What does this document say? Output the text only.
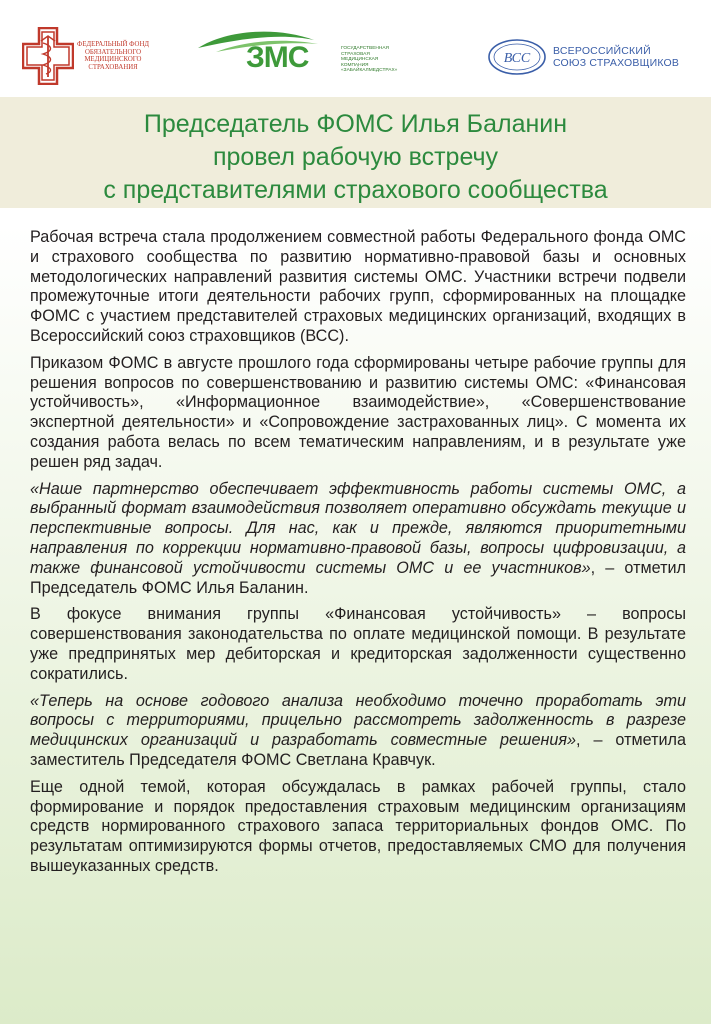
ФЕДЕРАЛЬНЫЙ ФОНД
ОБЯЗАТЕЛЬНОГО
МЕДИЦИНСКОГО
СТРАХОВАНИЯ	ЗМС	ГОСУДАРСТВЕННАЯ
СТРАХОВАЯ
МЕДИЦИНСКАЯ
КОМПАНИЯ
«ЗАБАЙКАЛМЕДСТРАХ»
ВСС ВСЕРОССИЙСКИЙ
СОЮЗ СТРАХОВЩИКОВ
Председатель ФОМС Илья Баланин
провел рабочую встречу
с представителями страхового сообщества

Рабочая встреча стала продолжением совместной работы Федерального фонда ОМС и страхового сообщества по развитию нормативно-правовой базы и основных методологических направлений развития системы ОМС. Участники встречи подвели промежуточные итоги деятельности рабочих групп, сформированных на площадке ФОМС с участием представителей страховых медицинских организаций, входящих в Всероссийский союз страховщиков (ВСС).

Приказом ФОМС в августе прошлого года сформированы четыре рабочие группы для решения вопросов по совершенствованию и развитию системы ОМС: «Финансовая устойчивость», «Информационное взаимодействие», «Совершенствование экспертной деятельности» и «Сопровождение застрахованных лиц». С момента их создания работа велась по всем тематическим направлениям, и в результате уже решен ряд задач.

«Наше партнерство обеспечивает эффективность работы системы ОМС, а выбранный формат взаимодействия позволяет оперативно обсуждать текущие и перспективные вопросы. Для нас, как и прежде, являются приоритетными направления по коррекции нормативно-правовой базы, вопросы цифровизации, а также финансовой устойчивости системы ОМС и ее участников», – отметил Председатель ФОМС Илья Баланин.

В фокусе внимания группы «Финансовая устойчивость» – вопросы совершенствования законодательства по оплате медицинской помощи. В результате уже предпринятых мер дебиторская и кредиторская задолженности существенно сократились.

«Теперь на основе годового анализа необходимо точечно проработать эти вопросы с территориями, прицельно рассмотреть задолженность в разрезе медицинских организаций и разработать совместные решения», – отметила заместитель Председателя ФОМС Светлана Кравчук.

Еще одной темой, которая обсуждалась в рамках рабочей группы, стало формирование и порядок предоставления страховым медицинским организациям средств нормированного страхового запаса территориальных фондов ОМС. По результатам оптимизируются формы отчетов, предоставляемых СМО для получения вышеуказанных средств.
